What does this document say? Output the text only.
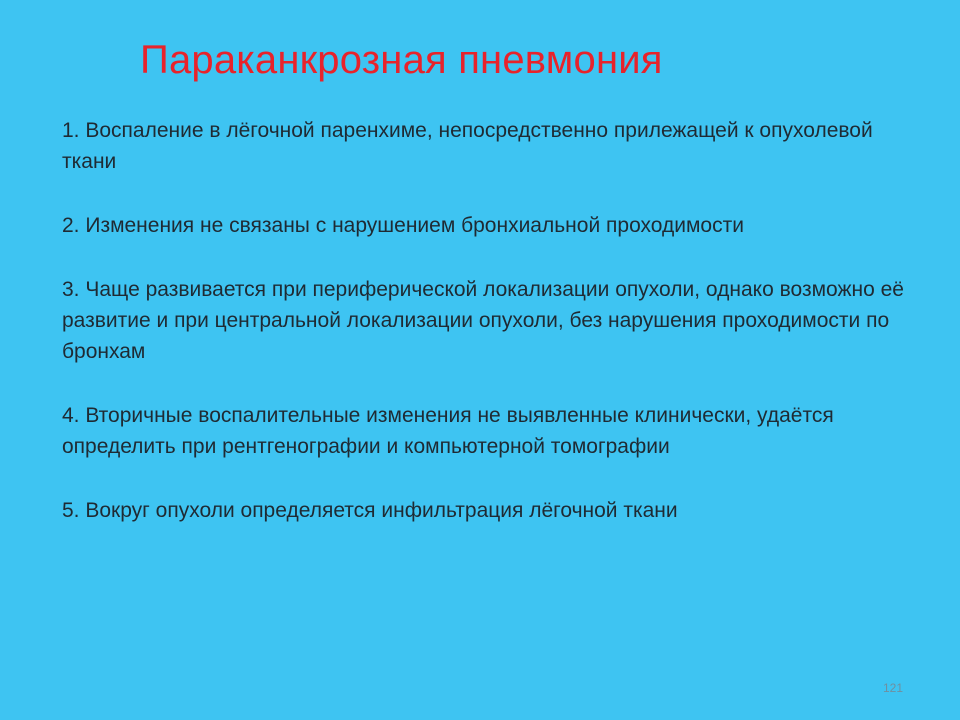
Параканкрозная пневмония
1. Воспаление в лёгочной паренхиме, непосредственно прилежащей к опухолевой ткани
2. Изменения не связаны с нарушением бронхиальной проходимости
3. Чаще развивается при периферической локализации опухоли, однако возможно её развитие и при центральной локализации опухоли, без нарушения проходимости по бронхам
4. Вторичные воспалительные изменения не выявленные клинически, удаётся определить при рентгенографии и компьютерной томографии
5. Вокруг опухоли определяется инфильтрация лёгочной ткани
121
